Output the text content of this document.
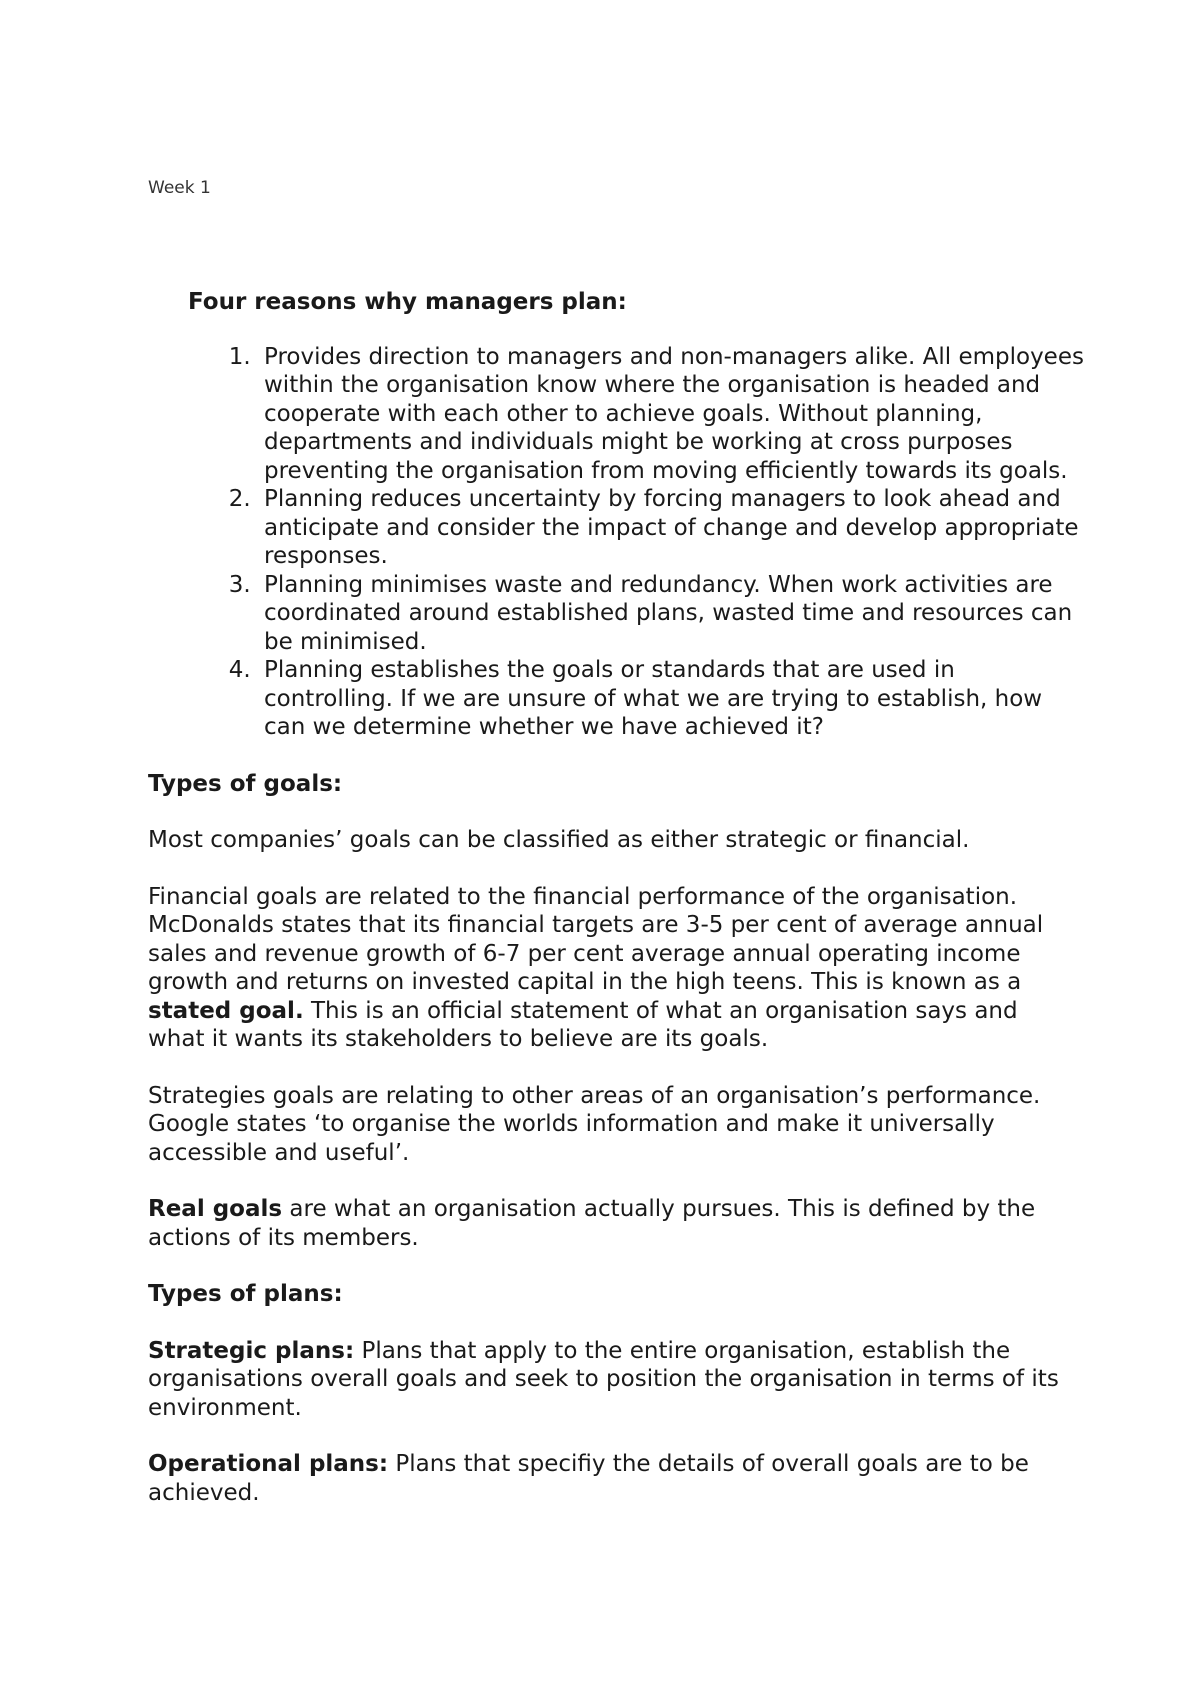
Week 1
Four reasons why managers plan:
1. Provides direction to managers and non-managers alike. All employees within the organisation know where the organisation is headed and cooperate with each other to achieve goals. Without planning, departments and individuals might be working at cross purposes preventing the organisation from moving efficiently towards its goals.
2. Planning reduces uncertainty by forcing managers to look ahead and anticipate and consider the impact of change and develop appropriate responses.
3. Planning minimises waste and redundancy. When work activities are coordinated around established plans, wasted time and resources can be minimised.
4. Planning establishes the goals or standards that are used in controlling. If we are unsure of what we are trying to establish, how can we determine whether we have achieved it?
Types of goals:

Most companies’ goals can be classified as either strategic or financial.

Financial goals are related to the financial performance of the organisation. McDonalds states that its financial targets are 3-5 per cent of average annual sales and revenue growth of 6-7 per cent average annual operating income growth and returns on invested capital in the high teens. This is known as a stated goal. This is an official statement of what an organisation says and what it wants its stakeholders to believe are its goals.

Strategies goals are relating to other areas of an organisation’s performance. Google states ‘to organise the worlds information and make it universally accessible and useful’.

Real goals are what an organisation actually pursues. This is defined by the actions of its members.

Types of plans:

Strategic plans: Plans that apply to the entire organisation, establish the organisations overall goals and seek to position the organisation in terms of its environment.

Operational plans: Plans that specifiy the details of overall goals are to be achieved.
